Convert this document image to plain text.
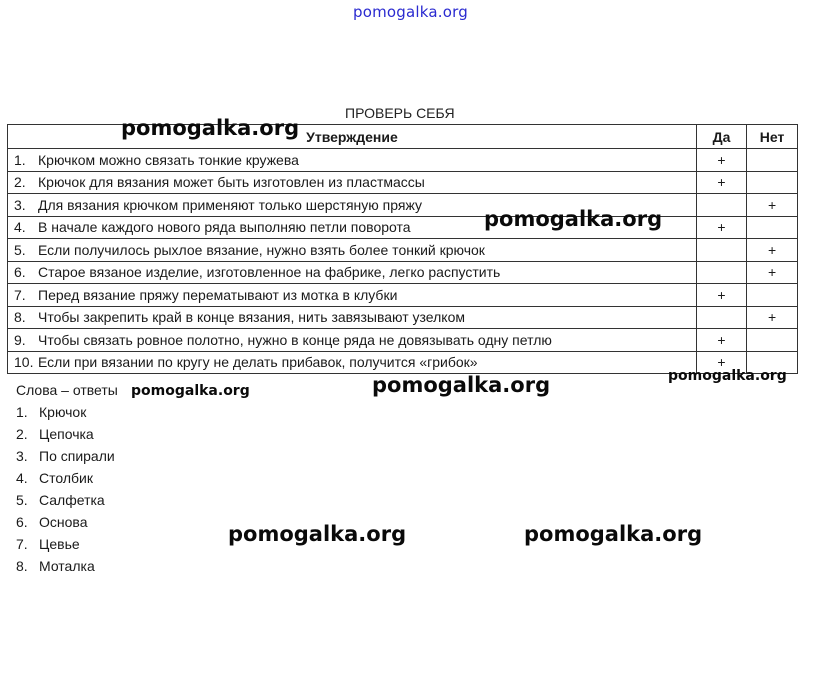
pomogalka.org
ПРОВЕРЬ СЕБЯ
Утверждение	Да	Нет
1. Крючком можно связать тонкие кружева	+	
2. Крючок для вязания может быть изготовлен из пластмассы	+	
3. Для вязания крючком применяют только шерстяную пряжу		+
4. В начале каждого нового ряда выполняю петли поворота	+	
5. Если получилось рыхлое вязание, нужно взять более тонкий крючок		+
6. Старое вязаное изделие, изготовленное на фабрике, легко распустить		+
7. Перед вязание пряжу перематывают из мотка в клубки	+	
8. Чтобы закрепить край в конце вязания, нить завязывают узелком		+
9. Чтобы связать ровное полотно, нужно в конце ряда не довязывать одну петлю	+	
10. Если при вязании по кругу не делать прибавок, получится «грибок»	+	
Слова – ответы
1. Крючок
2. Цепочка
3. По спирали
4. Столбик
5. Салфетка
6. Основа
7. Цевье
8. Моталка
pomogalka.org
pomogalka.org
pomogalka.org	pomogalka.org
pomogalka.org
pomogalka.org	pomogalka.org
